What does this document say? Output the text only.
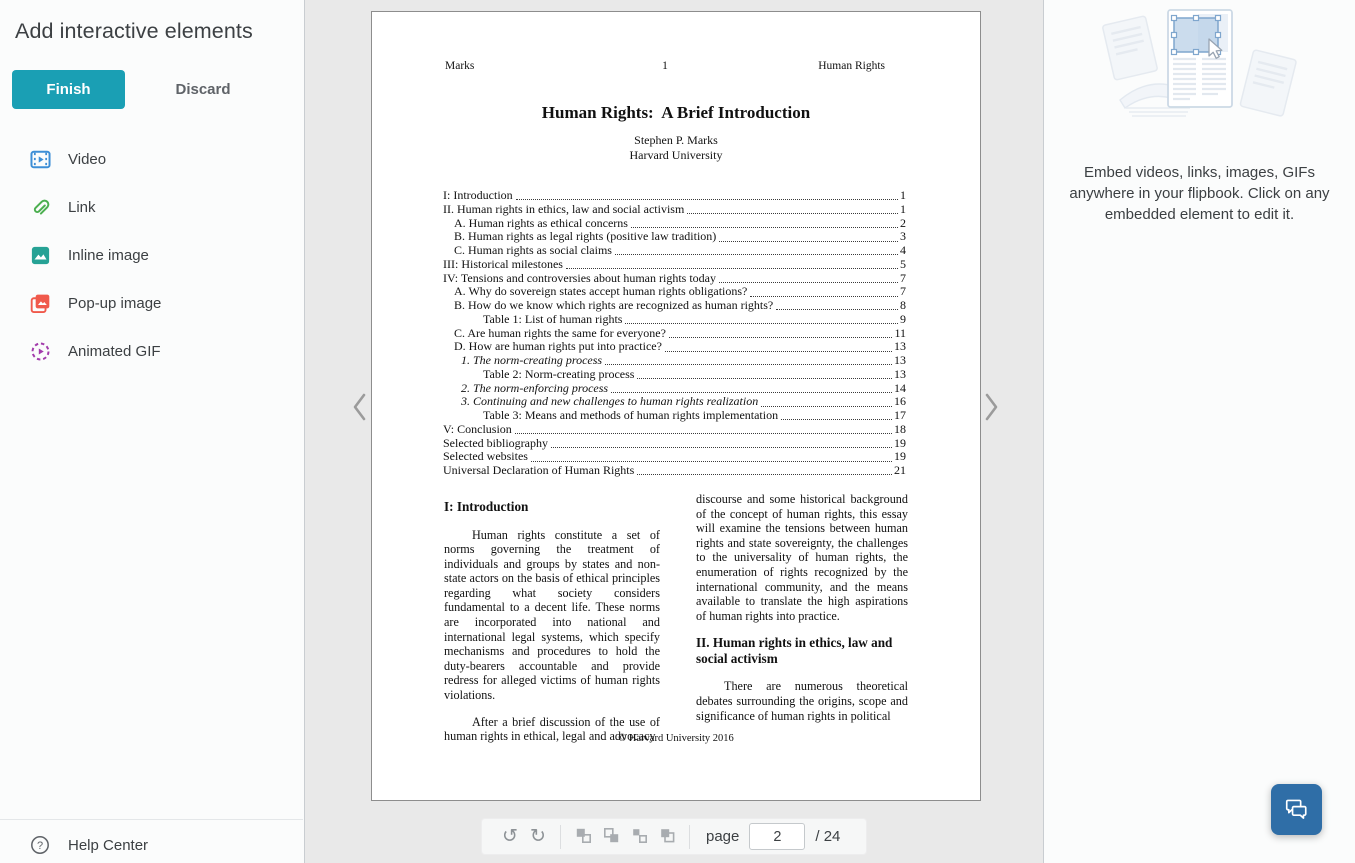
Add interactive elements
Finish	Discard
Video
Link
Inline image
Pop-up image
Animated GIF
? Help Center
Marks	1	Human Rights
Human Rights:  A Brief Introduction
Stephen P. Marks
Harvard University
I: Introduction	1
II. Human rights in ethics, law and social activism	1
A. Human rights as ethical concerns	2
B. Human rights as legal rights (positive law tradition)	3
C. Human rights as social claims	4
III: Historical milestones	5
IV: Tensions and controversies about human rights today	7
A. Why do sovereign states accept human rights obligations?	7
B. How do we know which rights are recognized as human rights?	8
Table 1: List of human rights	9
C. Are human rights the same for everyone?	11
D. How are human rights put into practice?	13
1. The norm-creating process	13
Table 2: Norm-creating process	13
2. The norm-enforcing process	14
3. Continuing and new challenges to human rights realization	16
Table 3: Means and methods of human rights implementation	17
V: Conclusion	18
Selected bibliography	19
Selected websites	19
Universal Declaration of Human Rights	21
I: Introduction

Human rights constitute a set of norms governing the treatment of individuals and groups by states and non-state actors on the basis of ethical principles regarding what society considers fundamental to a decent life. These norms are incorporated into national and international legal systems, which specify mechanisms and procedures to hold the duty-bearers accountable and provide redress for alleged victims of human rights violations.

After a brief discussion of the use of human rights in ethical, legal and advocacy

discourse and some historical background of the concept of human rights, this essay will examine the tensions between human rights and state sovereignty, the challenges to the universality of human rights, the enumeration of rights recognized by the international community, and the means available to translate the high aspirations of human rights into practice.

II. Human rights in ethics, law and social activism

There are numerous theoretical debates surrounding the origins, scope and significance of human rights in political

© Harvard University 2016
↺ ↻	page
2	/ 24

Embed videos, links, images, GIFs anywhere in your flipbook. Click on any embedded element to edit it.
